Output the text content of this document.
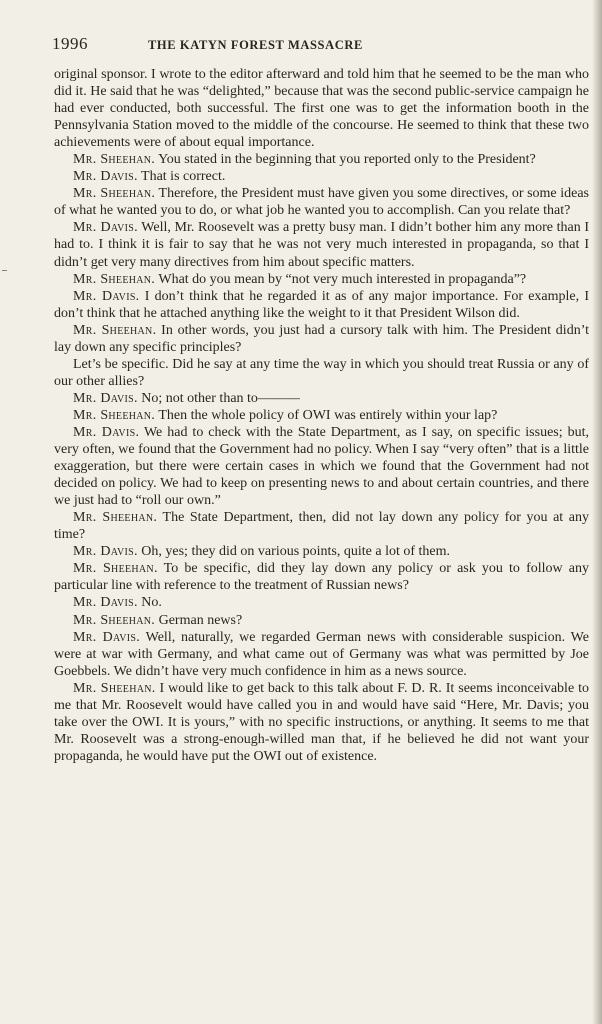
1996	THE KATYN FOREST MASSACRE

original sponsor. I wrote to the editor afterward and told him that he seemed to be the man who did it. He said that he was “delighted,” because that was the second public-service campaign he had ever conducted, both successful. The first one was to get the information booth in the Pennsylvania Station moved to the middle of the concourse. He seemed to think that these two achievements were of about equal importance.

Mr. Sheehan. You stated in the beginning that you reported only to the President?

Mr. Davis. That is correct.

Mr. Sheehan. Therefore, the President must have given you some directives, or some ideas of what he wanted you to do, or what job he wanted you to accomplish. Can you relate that?

Mr. Davis. Well, Mr. Roosevelt was a pretty busy man. I didn’t bother him any more than I had to. I think it is fair to say that he was not very much interested in propaganda, so that I didn’t get very many directives from him about specific matters.

Mr. Sheehan. What do you mean by “not very much interested in propaganda”?

Mr. Davis. I don’t think that he regarded it as of any major importance. For example, I don’t think that he attached anything like the weight to it that President Wilson did.

Mr. Sheehan. In other words, you just had a cursory talk with him. The President didn’t lay down any specific principles?

Let’s be specific. Did he say at any time the way in which you should treat Russia or any of our other allies?

Mr. Davis. No; not other than to———

Mr. Sheehan. Then the whole policy of OWI was entirely within your lap?

Mr. Davis. We had to check with the State Department, as I say, on specific issues; but, very often, we found that the Government had no policy. When I say “very often” that is a little exaggeration, but there were certain cases in which we found that the Government had not decided on policy. We had to keep on presenting news to and about certain countries, and there we just had to “roll our own.”

Mr. Sheehan. The State Department, then, did not lay down any policy for you at any time?

Mr. Davis. Oh, yes; they did on various points, quite a lot of them.

Mr. Sheehan. To be specific, did they lay down any policy or ask you to follow any particular line with reference to the treatment of Russian news?

Mr. Davis. No.

Mr. Sheehan. German news?

Mr. Davis. Well, naturally, we regarded German news with considerable suspicion. We were at war with Germany, and what came out of Germany was what was permitted by Joe Goebbels. We didn’t have very much confidence in him as a news source.

Mr. Sheehan. I would like to get back to this talk about F. D. R. It seems inconceivable to me that Mr. Roosevelt would have called you in and would have said “Here, Mr. Davis; you take over the OWI. It is yours,” with no specific instructions, or anything. It seems to me that Mr. Roosevelt was a strong-enough-willed man that, if he believed he did not want your propaganda, he would have put the OWI out of existence.
